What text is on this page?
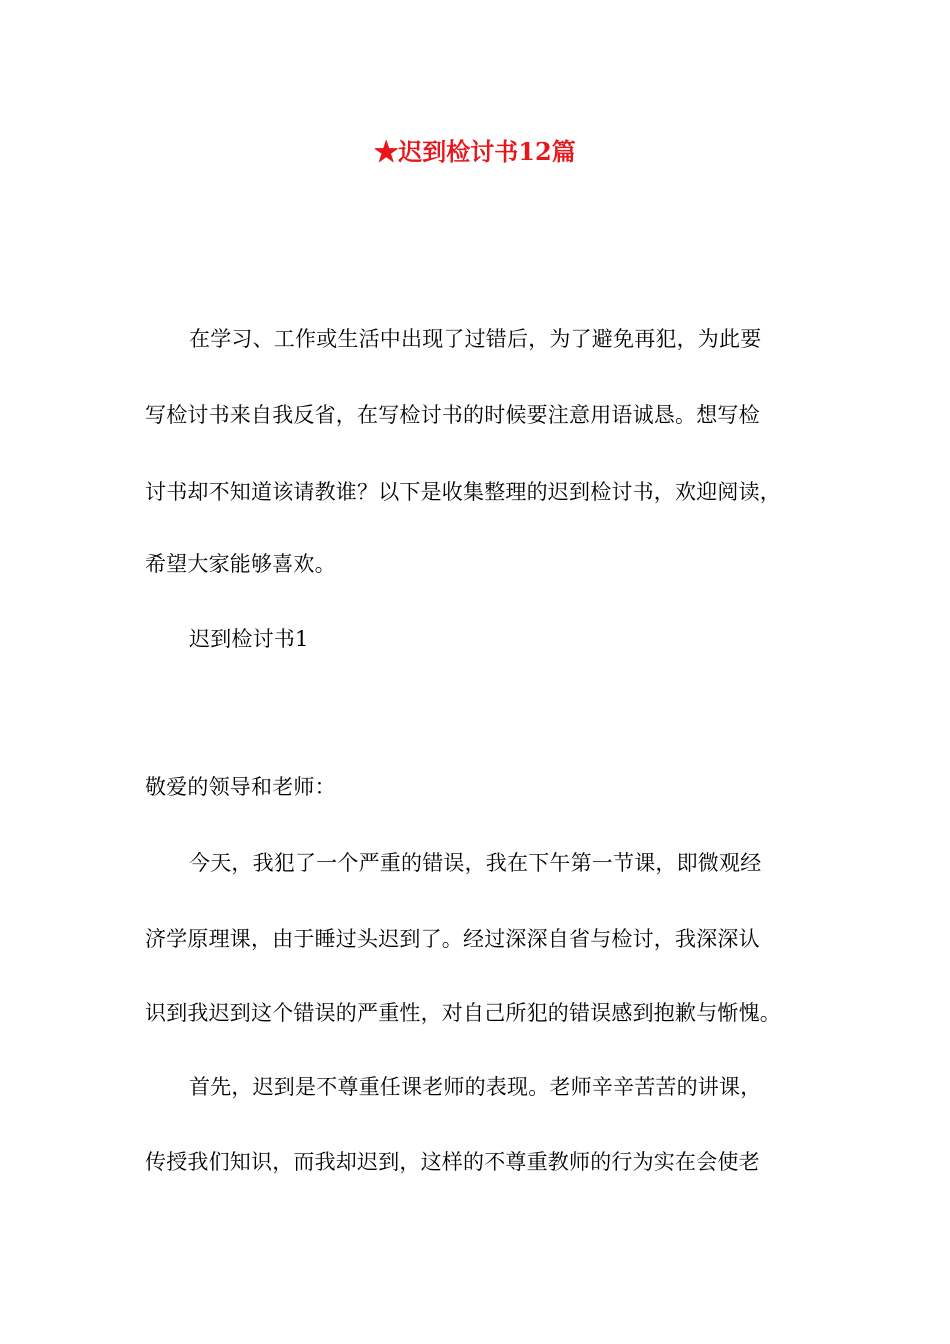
★迟到检讨书12篇
在学习、工作或生活中出现了过错后，为了避免再犯，为此要
写检讨书来自我反省，在写检讨书的时候要注意用语诚恳。想写检
讨书却不知道该请教谁？以下是收集整理的迟到检讨书，欢迎阅读，
希望大家能够喜欢。
迟到检讨书1
敬爱的领导和老师：
今天，我犯了一个严重的错误，我在下午第一节课，即微观经
济学原理课，由于睡过头迟到了。经过深深自省与检讨，我深深认
识到我迟到这个错误的严重性，对自己所犯的错误感到抱歉与惭愧。
首先，迟到是不尊重任课老师的表现。老师辛辛苦苦的讲课，
传授我们知识，而我却迟到，这样的不尊重教师的行为实在会使老
